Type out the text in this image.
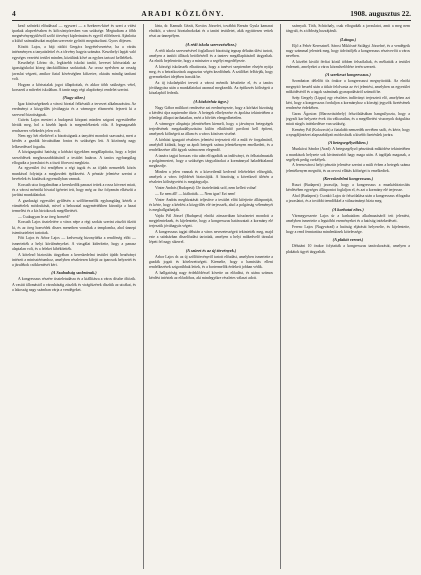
4	ARADI KÖZLÖNY.	1908. augusztus 22.

kező szőnieki előadással — egyszeri — a Szekeres-kávé és szeri a vitési iparkak alapvelészben és kölcsöntyöresben van szüksége. Megtudtam a főbb megnévényegyülésről szóló törvényt kiplerinaim és egyről előfelezett. Ajánlotta a külső számadásokat majdan szervezte győzött megnászítani. Gyors döjesen.

Között Lajos, a báji rádiói Gergács hegyételvezetése, ha a vártás intézményen a tanyaüzlettel és a tőrvény hagyta számára. Keszthelyi lapját való egységes vezetési terület minden, közülünk kővé az egyhez tartozó kellelékek.

Keszthelyi Lőrinc dr., legkisebb iskolai tanító, keveset kőrisztalak az igazságiskolai közeg tánckiállításra szoktattak. Az orosz nyelvben az ország javaslat végzett, amikor fiatal kövérségben kifizetve, oktatás mindig tanítani volt.

Hogyan a kőrisztalak jogot állapítottak, és akkor több szükséges vétel, korszerű a művelet iskolában. A tanár nagy régi alapítványi rendelet szerint.

(Nagy siker.)

Igaz közösségeknek a városi hivatal felkészült a tervezet alkalmazására. Az eredményt a közgyűlés jóváhagyta és a vármegye elismerést fejezett ki a szervező bizottságnak.

Csávás Lajos mestert a budapesti központ minden szigorú egyesületébe hívták meg, hol a kisebb lapok is megemlékeztek róla. A legmagasabb rendszeres vélekedés jelen volt.

Nem egy hét elteltével a bizottságunk a tanyáért mondott szavazást, mert a kérdés a gazdák hivatásában fontos és szükséges lett. A közönség nagy lelkesedéssel fogadta.

A közigazgatási hatóság a kórházi ügyekben megállapította, hogy a lejárt szerződések meghosszabbításáról a testület határoz. A tanács egyhangúlag elfogadta a javaslatot és a tiszti főorvost megbízta.

Az egyesület ősi rendjében a régi tagok és az ifjabb nemzedék közös munkával folytatja a megkezdett építkezést. A pénztár jelentése szerint a bevételek és kiadások egyensúlyban vannak.

Kossuth utca forgalmában a kereskedők panaszt tettek a rossz kövezet miatt, és a városi mérnöki hivatal ígéretet tett, hogy még az ősz folyamán elkészíti a javítási munkálatokat.

A gazdasági egyesület gyűlésén a szőlőtermelők egyhangúlag kérték a vámtételek módosítását, mivel a behozatal nagymértékben károsítja a hazai termelést és a kis birtokosok megélhetését.

— Csakugyan le az öreg honvéd?

Kossuth Lajos tiszteletére a város népe a régi szokás szerint zászlót tűzött ki, és az öreg honvédek díszes menetben vonultak a templomba, ahol ünnepi istentiszteletet tartottak.

Főtt Lajos és Arbor Lajos — kedvesség bizonyítéka a rendőrség előtt — ismertették a helyi körülményeket. A vizsgálat kiderítette, hogy a panasz alaptalan volt, és a feleket kibékítették.

A kötelező biztosítás tárgyában a kereskedelmi testület újabb beadványt intézett a minisztériumhoz, amelyben részletesen kifejti az iparosok helyzetét és a járulékok csökkentését kéri.

(A Szabadság szobrának.)

A kongresszus részére tiszteletadásra és a kiállításra a város díszbe öltözik. A vasúti állomástól a városházáig zászlók és virágfüzérek díszítik az utcákat, és a lakosság nagy számban várja a vendégeket.

lárta, dr. Kamuth Gézát, Kovács Józsefet, továbbá Brezán Gyula kamarai elnököt, a városi hivatalnokokat és a tanári testületet, akik együttesen vettek részt az ünnepélyen.

(A rédi iskola szervezéséhez.)

A rédi iskola szervezésével foglalkozó bizottság tegnap délután ülést tartott, amelyen a tanítói állások betöltéséről és a tanterv megállapításáról tárgyaltak. Az elnök bejelentette, hogy a miniszter a segélyt engedélyezte.

A községi iskolaszék elhatározta, hogy a tanévet szeptember elsején nyitja meg, és a beiratkozások augusztus végén kezdődnek. A szülőket felhívják, hogy gyermekeiket idejében írassák be.

Az új iskolaépület terveit a városi mérnök készítette el, és a tanács jóváhagyása után a munkálatokat azonnal megkezdik. Az építkezés költségeit a közalapból fedezik.

(A közkórház ügye.)

Nagy Gábor múltkori rendezése azt eredményezte, hogy a kórházi bizottság a kérdést újra napirendre tűzte. A betegek elhelyezése és ápolása tekintetében a jelenlegi állapot tarthatatlan, ezért a bővítés elengedhetetlen.

A vármegye alispánja jelentésében kiemeli, hogy a járványos betegségek terjedésének megakadályozására külön elkülönítő pavilont kell építeni, amelynek költségeit az állam és a város közösen viselné.

A kórházi igazgató részletes jelentést terjesztett elő a múlt év forgalmáról, amelyből kitűnik, hogy az ápolt betegek száma jelentékenyen emelkedett, és a rendelkezésre álló ágyak száma nem elegendő.

A tanács tagjai hosszas vita után elfogadták az indítványt, és felhatalmazták a polgármestert, hogy a szükséges tárgyalásokat a kormánnyal haladéktalanul megkezdje.

Minden a jelen vannak és a közvetlenül kedvező feltételeket elősegítik, amelyek a város fejlődését biztosítják. A bizottság a következő ülésén a részletes költségvetést is megtárgyalja.

Vinter András (Budapest): De tiszteletünk szól, nem kellett volna!

— Ez nem áll! — kiáltották. — Nem igaz! Ezt nem!

Vinter András megbízatását teljesítve a testület előtt kifejtette álláspontját, és kérte, hogy a kérdést a közgyűlés elé terjesszék, ahol a polgárság véleményét is meghallgathatják.

Vajda Pál József (Budapest) elnöki zárszavában köszönetet mondott a megjelenteknek, és kijelentette, hogy a kongresszus határozatait a kormány elé terjesztik jóváhagyás végett.

A kongresszus tagjai délután a város nevezetességeit tekintették meg, majd este a színházban díszelőadást tartottak, amelyen a helyi műkedvelő társulat lépett fel nagy sikerrel.

(A szüret és az új törvények.)

Arbor Lajos dr. az új szőlőtörvényről tartott előadást, amelyben ismertette a gazdák jogait és kötelezettségeit. Kiemelte, hogy a hamisítás elleni rendelkezések szigorúbbak lettek, és a bortermelők érdekeit jobban védik.

A hallgatóság nagy érdeklődéssel követte az előadást, és utána számos kérdést intéztek az előadóhoz, aki mindegyikre részletes választ adott.

szárnyalt. Tóth, Schüchaly, csak elfogadták a javaslatot, amit a meg nem tárgyalt, és a többség hozzájárult.

(Látoga.)

Eljő a Fehér Keresztnél. Sárosi Miklósné Szilágyi Józsefné, és a vendégeik nagy számmal jelentek meg, hogy üdvözöljék a kongresszus résztvevőit a város nevében.

A közélet kiváló férfiai közül többen felszólaltak, és méltatták a testület érdemeit, amelyeket a város közművelődése terén szerzett.

(A szerkeszt kongresszus.)

Szombaton délelőtt tíz órakor a kongresszust megnyitották. Az elnöki megnyitó beszéd után a titkár felolvasta az évi jelentést, amelyben az egyesület működéséről és a tagok számának gyarapodásáról számolt be.

Szép Gergely (Lippa) egy részletes indítványt terjesztett elő, amelyben azt kéri, hogy a kongresszus forduljon a kormányhoz a községi jegyzők fizetésének rendezése érdekében.

Garas Ágoston (Marosvásárhely) felszólalásában hangsúlyozta, hogy a jegyzői kar helyzete évek óta változatlan, és a megélhetési viszonyok drágulása miatt sürgős intézkedésre van szükség.

Kemény Pál (Kolozsvár) a fiatalabb nemzedék nevében szólt, és kérte, hogy a nyugdíjintézet alapszabályait módosítsák a kisebb fizetésűek javára.

(A betegsegélyzőkben.)

Munkácsi Sándor (Arad): A betegsegélyző pénztárak működése tekintetében a munkások helyzete sok kívánnivalót hagy maga után. A tagdíjak magasak, a segélyek pedig csekélyek.

A ferencvárosi helyi pénztár jelentése szerint a múlt évben a betegek száma jelentékenyen megnőtt, és az orvosi ellátás költségei is emelkedtek.

(Kereskedelmi kongresszus.)

Ruszt (Budapest) javasolja, hogy a kongresszus a munkásbiztosítás kérdésében egységes álláspontot foglaljon el, és azt a kormány elé terjessze.

Ahol (Budapest): Csonkó Lajos úr felszólalása után a kongresszus elfogadta a javaslatot, és a további teendőkkel a választmányt bízta meg.

(A karhatai eltes.)

Vármegyeszerte Lajos úr a karhatalom alkalmazásáról tett jelentést, amelyben ismertette a legutóbbi eseményeket és a hatóság intézkedéseit.

Ferenc Lajos (Nagyvárad) a hatóság eljárását helyeselte, és kijelentette, hogy a rend fenntartása mindenkinek kötelessége.

(A plakát vernet.)

Délutáni 10 órakor folytatták a kongresszus tanácskozását, amelyen a plakátok ügyét tárgyalták.
